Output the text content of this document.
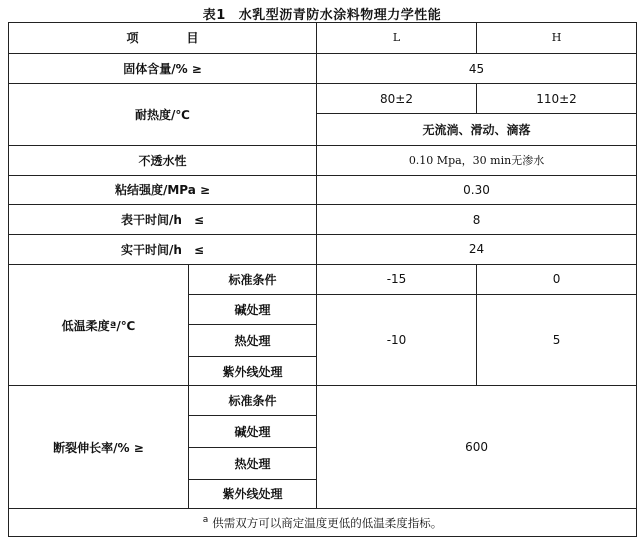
表1 水乳型沥青防水涂料物理力学性能
项　　　　目		L	H
固体含量/% ≥		45	
耐热度/℃		80±2	110±2
		无流淌、滑动、滴落	
不透水性		0.10 Mpa，30 min无渗水	
粘结强度/MPa ≥		0.30	
表干时间/h　≤		8	
实干时间/h　≤		24	
低温柔度ª/℃	标准条件	-15	0
	碱处理	-10	5
	热处理		
	紫外线处理		
断裂伸长率/% ≥	标准条件	600	
	碱处理		
	热处理		
	紫外线处理		
$^a$ 供需双方可以商定温度更低的低温柔度指标。			
